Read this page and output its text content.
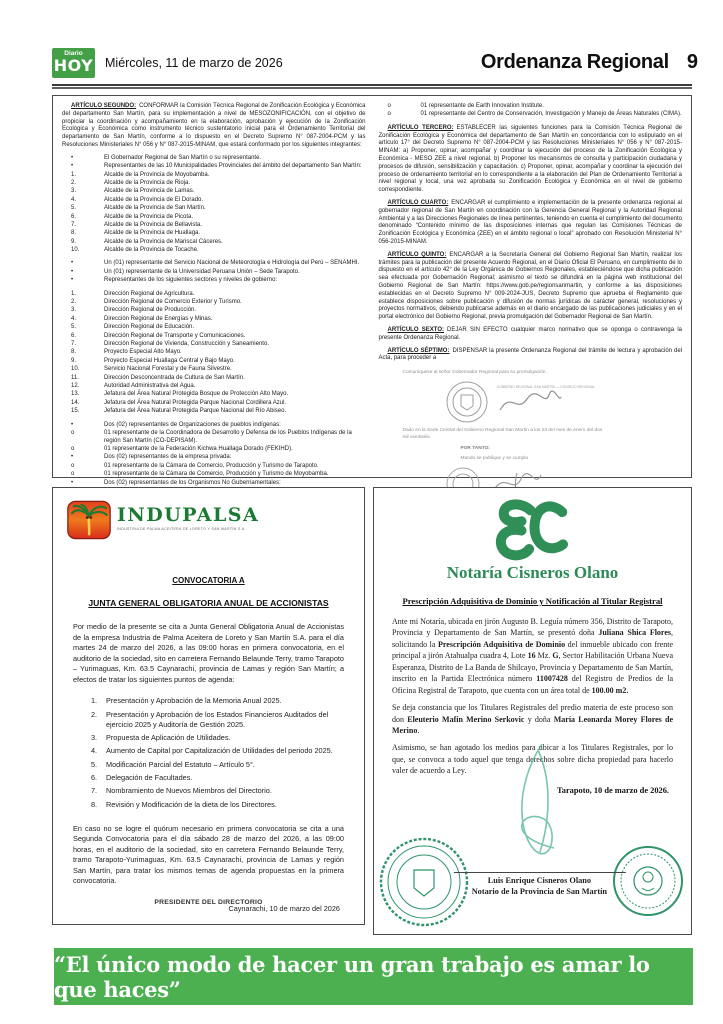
Diario
HOY Miércoles, 11 de marzo de 2026	Ordenanza Regional 9

ARTÍCULO SEGUNDO: CONFORMAR la Comisión Técnica Regional de Zonificación Ecológica y Económica del departamento San Martín, para su implementación a nivel de MESOZONIFICACIÓN, con el objetivo de propiciar la coordinación y acompañamiento en la elaboración, aprobación y ejecución de la Zonificación Ecológica y Económica como instrumento técnico sustentatorio inicial para el Ordenamiento Territorial del departamento de San Martín, conforme a lo dispuesto en el Decreto Supremo N° 087-2004-PCM y las Resoluciones Ministeriales N° 056 y N° 087-2015-MINAM, que estará conformado por los siguientes integrantes:

•	El Gobernador Regional de San Martín o su representante.
•	Representantes de las 10 Municipalidades Provinciales del ámbito del departamento San Martín:
1.	Alcalde de la Provincia de Moyobamba.
2.	Alcalde de la Provincia de Rioja.
3.	Alcalde de la Provincia de Lamas.
4.	Alcalde de la Provincia de El Dorado.
5.	Alcalde de la Provincia de San Martín.
6.	Alcalde de la Provincia de Picota.
7.	Alcalde de la Provincia de Bellavista.
8.	Alcalde de la Provincia de Huallaga.
9.	Alcalde de la Provincia de Mariscal Cáceres.
10.	Alcalde de la Provincia de Tocache.
•	Un (01) representante del Servicio Nacional de Meteorología e Hidrología del Perú – SENAMHI.
•	Un (01) representante de la Universidad Peruana Unión – Sede Tarapoto.
•	Representantes de los siguientes sectores y niveles de gobierno:
1.	Dirección Regional de Agricultura.
2.	Dirección Regional de Comercio Exterior y Turismo.
3.	Dirección Regional de Producción.
4.	Dirección Regional de Energías y Minas.
5.	Dirección Regional de Educación.
6.	Dirección Regional de Transporte y Comunicaciones.
7.	Dirección Regional de Vivienda, Construcción y Saneamiento.
8.	Proyecto Especial Alto Mayo.
9.	Proyecto Especial Huallaga Central y Bajo Mayo.
10.	Servicio Nacional Forestal y de Fauna Silvestre.
11.	Dirección Desconcentrada de Cultura de San Martín.
12.	Autoridad Administrativa del Agua.
13.	Jefatura del Área Natural Protegida Bosque de Protección Alto Mayo.
14.	Jefatura del Área Natural Protegida Parque Nacional Cordillera Azul.
15.	Jefatura del Área Natural Protegida Parque Nacional del Río Abiseo.
•	Dos (02) representantes de Organizaciones de pueblos indígenas:
o	01 representante de la Coordinadora de Desarrollo y Defensa de los Pueblos Indígenas de la región San Martín (CO-DEPISAM).
o	01 representante de la Federación Kichwa Huallaga Dorado (FEKIHD).
•	Dos (02) representantes de la empresa privada:
o	01 representante de la Cámara de Comercio, Producción y Turismo de Tarapoto.
o	01 representante de la Cámara de Comercio, Producción y Turismo de Moyobamba.
•	Dos (02) representantes de los Organismos No Gubernamentales:
o	01 representante de Earth Innovation Institute.
o	01 representante del Centro de Conservación, Investigación y Manejo de Áreas Naturales (CIMA).

ARTÍCULO TERCERO: ESTABLECER las siguientes funciones para la Comisión Técnica Regional de Zonificación Ecológica y Económica del departamento de San Martín en concordancia con lo estipulado en el artículo 17° del Decreto Supremo N° 087-2004-PCM y las Resoluciones Ministeriales N° 056 y N° 087-2015-MINAM: a) Proponer, opinar, acompañar y coordinar la ejecución del proceso de la Zonificación Ecológica y Económica - MESO ZEE a nivel regional. b) Proponer los mecanismos de consulta y participación ciudadana y procesos de difusión, sensibilización y capacitación. c) Proponer, opinar, acompañar y coordinar la ejecución del proceso de ordenamiento territorial en lo correspondiente a la elaboración del Plan de Ordenamiento Territorial a nivel regional y local, una vez aprobada su Zonificación Ecológica y Económica en el nivel de gobierno correspondiente.

ARTÍCULO CUARTO: ENCARGAR el cumplimiento e implementación de la presente ordenanza regional al gobernador regional de San Martín en coordinación con la Gerencia General Regional y la Autoridad Regional Ambiental y a las Direcciones Regionales de línea pertinentes, teniendo en cuenta el cumplimiento del documento denominado “Contenido mínimo de las disposiciones internas que regulan las Comisiones Técnicas de Zonificación Ecológica y Económica (ZEE) en el ámbito regional o local” aprobado con Resolución Ministerial N° 056-2015-MINAM.

ARTÍCULO QUINTO: ENCARGAR a la Secretaría General del Gobierno Regional San Martín, realizar los trámites para la publicación del presente Acuerdo Regional, en el Diario Oficial El Peruano, en cumplimiento de lo dispuesto en el artículo 42° de la Ley Orgánica de Gobiernos Regionales, estableciéndose que dicha publicación sea efectuada por Gobernación Regional; asimismo el texto se difundirá en la página web institucional del Gobierno Regional de San Martín: https://www.gob.pe/regionsanmartin, y conforme a las disposiciones establecidas en el Decreto Supremo N° 009-2024-JUS, Decreto Supremo que aprueba el Reglamento que establece disposiciones sobre publicación y difusión de normas jurídicas de carácter general, resoluciones y proyectos normativos, debiendo publicarse además en el diario encargado de las publicaciones judiciales y en el portal electrónico del Gobierno Regional, previa promulgación del Gobernador Regional de San Martín.

ARTÍCULO SEXTO: DEJAR SIN EFECTO cualquier marco normativo que se oponga o contravenga la presente Ordenanza Regional.

ARTÍCULO SÉPTIMO: DISPENSAR la presente Ordenanza Regional del trámite de lectura y aprobación del Acta, para proceder a

Comuníquese al señor Gobernador Regional para su promulgación.
GOBIERNO REGIONAL SAN MARTÍN — CONSEJO REGIONAL
Dado en la Sede Central del Gobierno Regional San Martín a los 23 del mes de enero del dos mil veintiséis.
POR TANTO:
Mando se publique y se cumpla
INDUPALSA
INDUSTRIA DE PALMA ACEITERA DE LORETO Y SAN MARTÍN S.A.
CONVOCATORIA A
JUNTA GENERAL OBLIGATORIA ANUAL DE ACCIONISTAS

Por medio de la presente se cita a Junta General Obligatoria Anual de Accionistas de la empresa Industria de Palma Aceitera de Loreto y San Martín S.A. para el día martes 24 de marzo del 2026, a las 09:00 horas en primera convocatoria, en el auditorio de la sociedad, sito en carretera Fernando Belaunde Terry, tramo Tarapoto – Yurimaguas, Km. 63.5 Caynarachi, provincia de Lamas y región San Martín; a efectos de tratar los siguientes puntos de agenda:

1.	Presentación y Aprobación de la Memoria Anual 2025.
2.	Presentación y Aprobación de los Estados Financieros Auditados del ejercicio 2025 y Auditoría de Gestión 2025.
3.	Propuesta de Aplicación de Utilidades.
4.	Aumento de Capital por Capitalización de Utilidades del periodo 2025.
5.	Modificación Parcial del Estatuto – Artículo 5°.
6.	Delegación de Facultades.
7.	Nombramiento de Nuevos Miembros del Directorio.
8.	Revisión y Modificación de la dieta de los Directores.

En caso no se logre el quórum necesario en primera convocatoria se cita a una Segunda Convocatoria para el día sábado 28 de marzo del 2026, a las 09:00 horas, en el auditorio de la sociedad, sito en carretera Fernando Belaunde Terry, tramo Tarapoto-Yurimaguas, Km. 63.5 Caynarachi, provincia de Lamas y región San Martín, para tratar los mismos temas de agenda propuestas en la primera convocatoria.

Caynarachi, 10 de marzo del 2026
PRESIDENTE DEL DIRECTORIO
Notaría Cisneros Olano
Prescripción Adquisitiva de Dominio y Notificación al Titular Registral

Ante mi Notaría, ubicada en jirón Augusto B. Leguía número 356, Distrito de Tarapoto, Provincia y Departamento de San Martín, se presentó doña Juliana Shica Flores, solicitando la Prescripción Adquisitiva de Dominio del inmueble ubicado con frente principal a jirón Atahualpa cuadra 4, Lote 16 Mz. G, Sector Habilitación Urbana Nueva Esperanza, Distrito de La Banda de Shilcayo, Provincia y Departamento de San Martín, inscrito en la Partida Electrónica número 11007428 del Registro de Predios de la Oficina Registral de Tarapoto, que cuenta con un área total de 100.00 m2.

Se deja constancia que los Titulares Registrales del predio materia de este proceso son don Eleuterio Mafín Merino Serkovic y doña María Leonarda Morey Flores de Merino.

Asimismo, se han agotado los medios para ubicar a los Titulares Registrales, por lo que, se convoca a todo aquel que tenga derechos sobre dicha propiedad para hacerlo valer de acuerdo a Ley.

Tarapoto, 10 de marzo de 2026.
Luis Enrique Cisneros Olano
Notario de la Provincia de San Martín
“El único modo de hacer un gran trabajo es amar lo que haces”
